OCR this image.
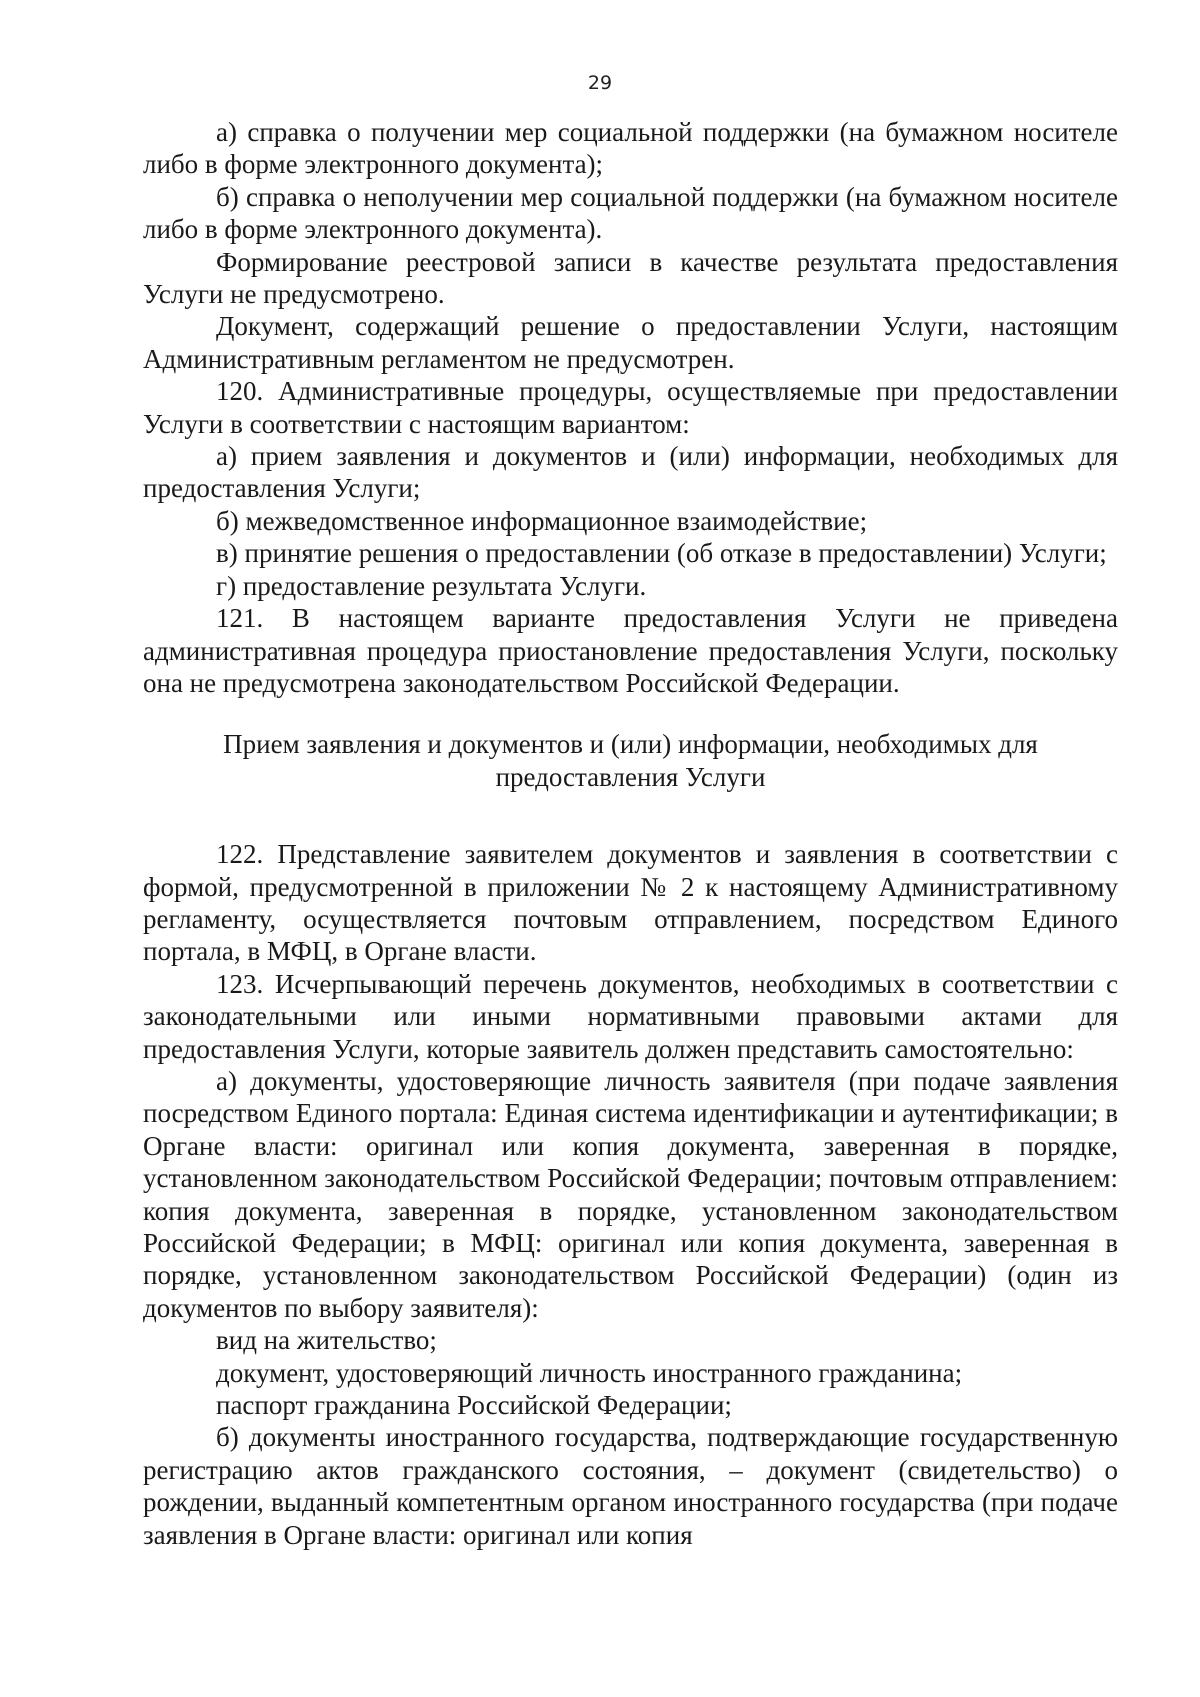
29

а) справка о получении мер социальной поддержки (на бумажном носителе либо в форме электронного документа);

б) справка о неполучении мер социальной поддержки (на бумажном носителе либо в форме электронного документа).

Формирование реестровой записи в качестве результата предоставления Услуги не предусмотрено.

Документ, содержащий решение о предоставлении Услуги, настоящим Административным регламентом не предусмотрен.

120. Административные процедуры, осуществляемые при предоставлении Услуги в соответствии с настоящим вариантом:

а) прием заявления и документов и (или) информации, необходимых для предоставления Услуги;

б) межведомственное информационное взаимодействие;

в) принятие решения о предоставлении (об отказе в предоставлении) Услуги;

г) предоставление результата Услуги.

121. В настоящем варианте предоставления Услуги не приведена административная процедура приостановление предоставления Услуги, поскольку она не предусмотрена законодательством Российской Федерации.

Прием заявления и документов и (или) информации, необходимых для предоставления Услуги

122. Представление заявителем документов и заявления в соответствии с формой, предусмотренной в приложении № 2 к настоящему Административному регламенту, осуществляется почтовым отправлением, посредством Единого портала, в МФЦ, в Органе власти.

123. Исчерпывающий перечень документов, необходимых в соответствии с законодательными или иными нормативными правовыми актами для предоставления Услуги, которые заявитель должен представить самостоятельно:

а) документы, удостоверяющие личность заявителя (при подаче заявления посредством Единого портала: Единая система идентификации и аутентификации; в Органе власти: оригинал или копия документа, заверенная в порядке, установленном законодательством Российской Федерации; почтовым отправлением: копия документа, заверенная в порядке, установленном законодательством Российской Федерации; в МФЦ: оригинал или копия документа, заверенная в порядке, установленном законодательством Российской Федерации) (один из документов по выбору заявителя):

вид на жительство;

документ, удостоверяющий личность иностранного гражданина;

паспорт гражданина Российской Федерации;

б) документы иностранного государства, подтверждающие государственную регистрацию актов гражданского состояния, – документ (свидетельство) о рождении, выданный компетентным органом иностранного государства (при подаче заявления в Органе власти: оригинал или копия
